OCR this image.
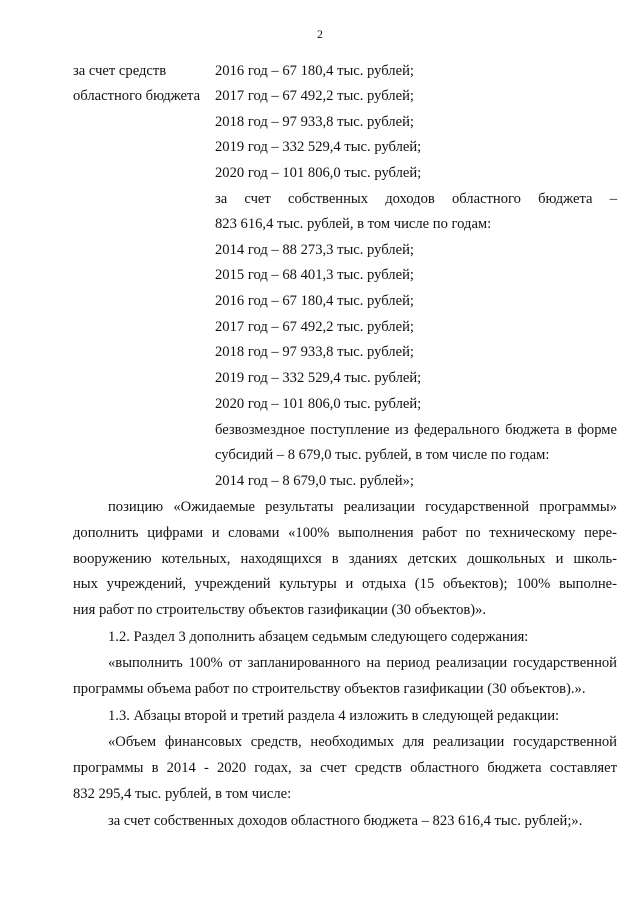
2
за счет средств
областного бюджета
2016 год – 67 180,4 тыс. рублей;
2017 год – 67 492,2 тыс. рублей;
2018 год – 97 933,8 тыс. рублей;
2019 год – 332 529,4 тыс. рублей;
2020 год – 101 806,0 тыс. рублей;
за счет собственных доходов областного бюджета –
823 616,4 тыс. рублей, в том числе по годам:
2014 год – 88 273,3 тыс. рублей;
2015 год – 68 401,3 тыс. рублей;
2016 год – 67 180,4 тыс. рублей;
2017 год – 67 492,2 тыс. рублей;
2018 год – 97 933,8 тыс. рублей;
2019 год – 332 529,4 тыс. рублей;
2020 год – 101 806,0 тыс. рублей;
безвозмездное поступление из федерального бюджета в форме
субсидий – 8 679,0 тыс. рублей, в том числе по годам:
2014 год – 8 679,0 тыс. рублей»;
позицию «Ожидаемые результаты реализации государственной программы»
дополнить цифрами и словами «100% выполнения работ по техническому пере-
вооружению котельных, находящихся в зданиях детских дошкольных и школь-
ных учреждений, учреждений культуры и отдыха (15 объектов); 100% выполне-
ния работ по строительству объектов газификации (30 объектов)».
1.2. Раздел 3 дополнить абзацем седьмым следующего содержания:
«выполнить 100% от запланированного на период реализации государственной
программы объема работ по строительству объектов газификации (30 объектов).».
1.3. Абзацы второй и третий раздела 4 изложить в следующей редакции:
«Объем финансовых средств, необходимых для реализации государственной
программы в 2014 - 2020 годах, за счет средств областного бюджета составляет
832 295,4 тыс. рублей, в том числе:
за счет собственных доходов областного бюджета – 823 616,4 тыс. рублей;».
